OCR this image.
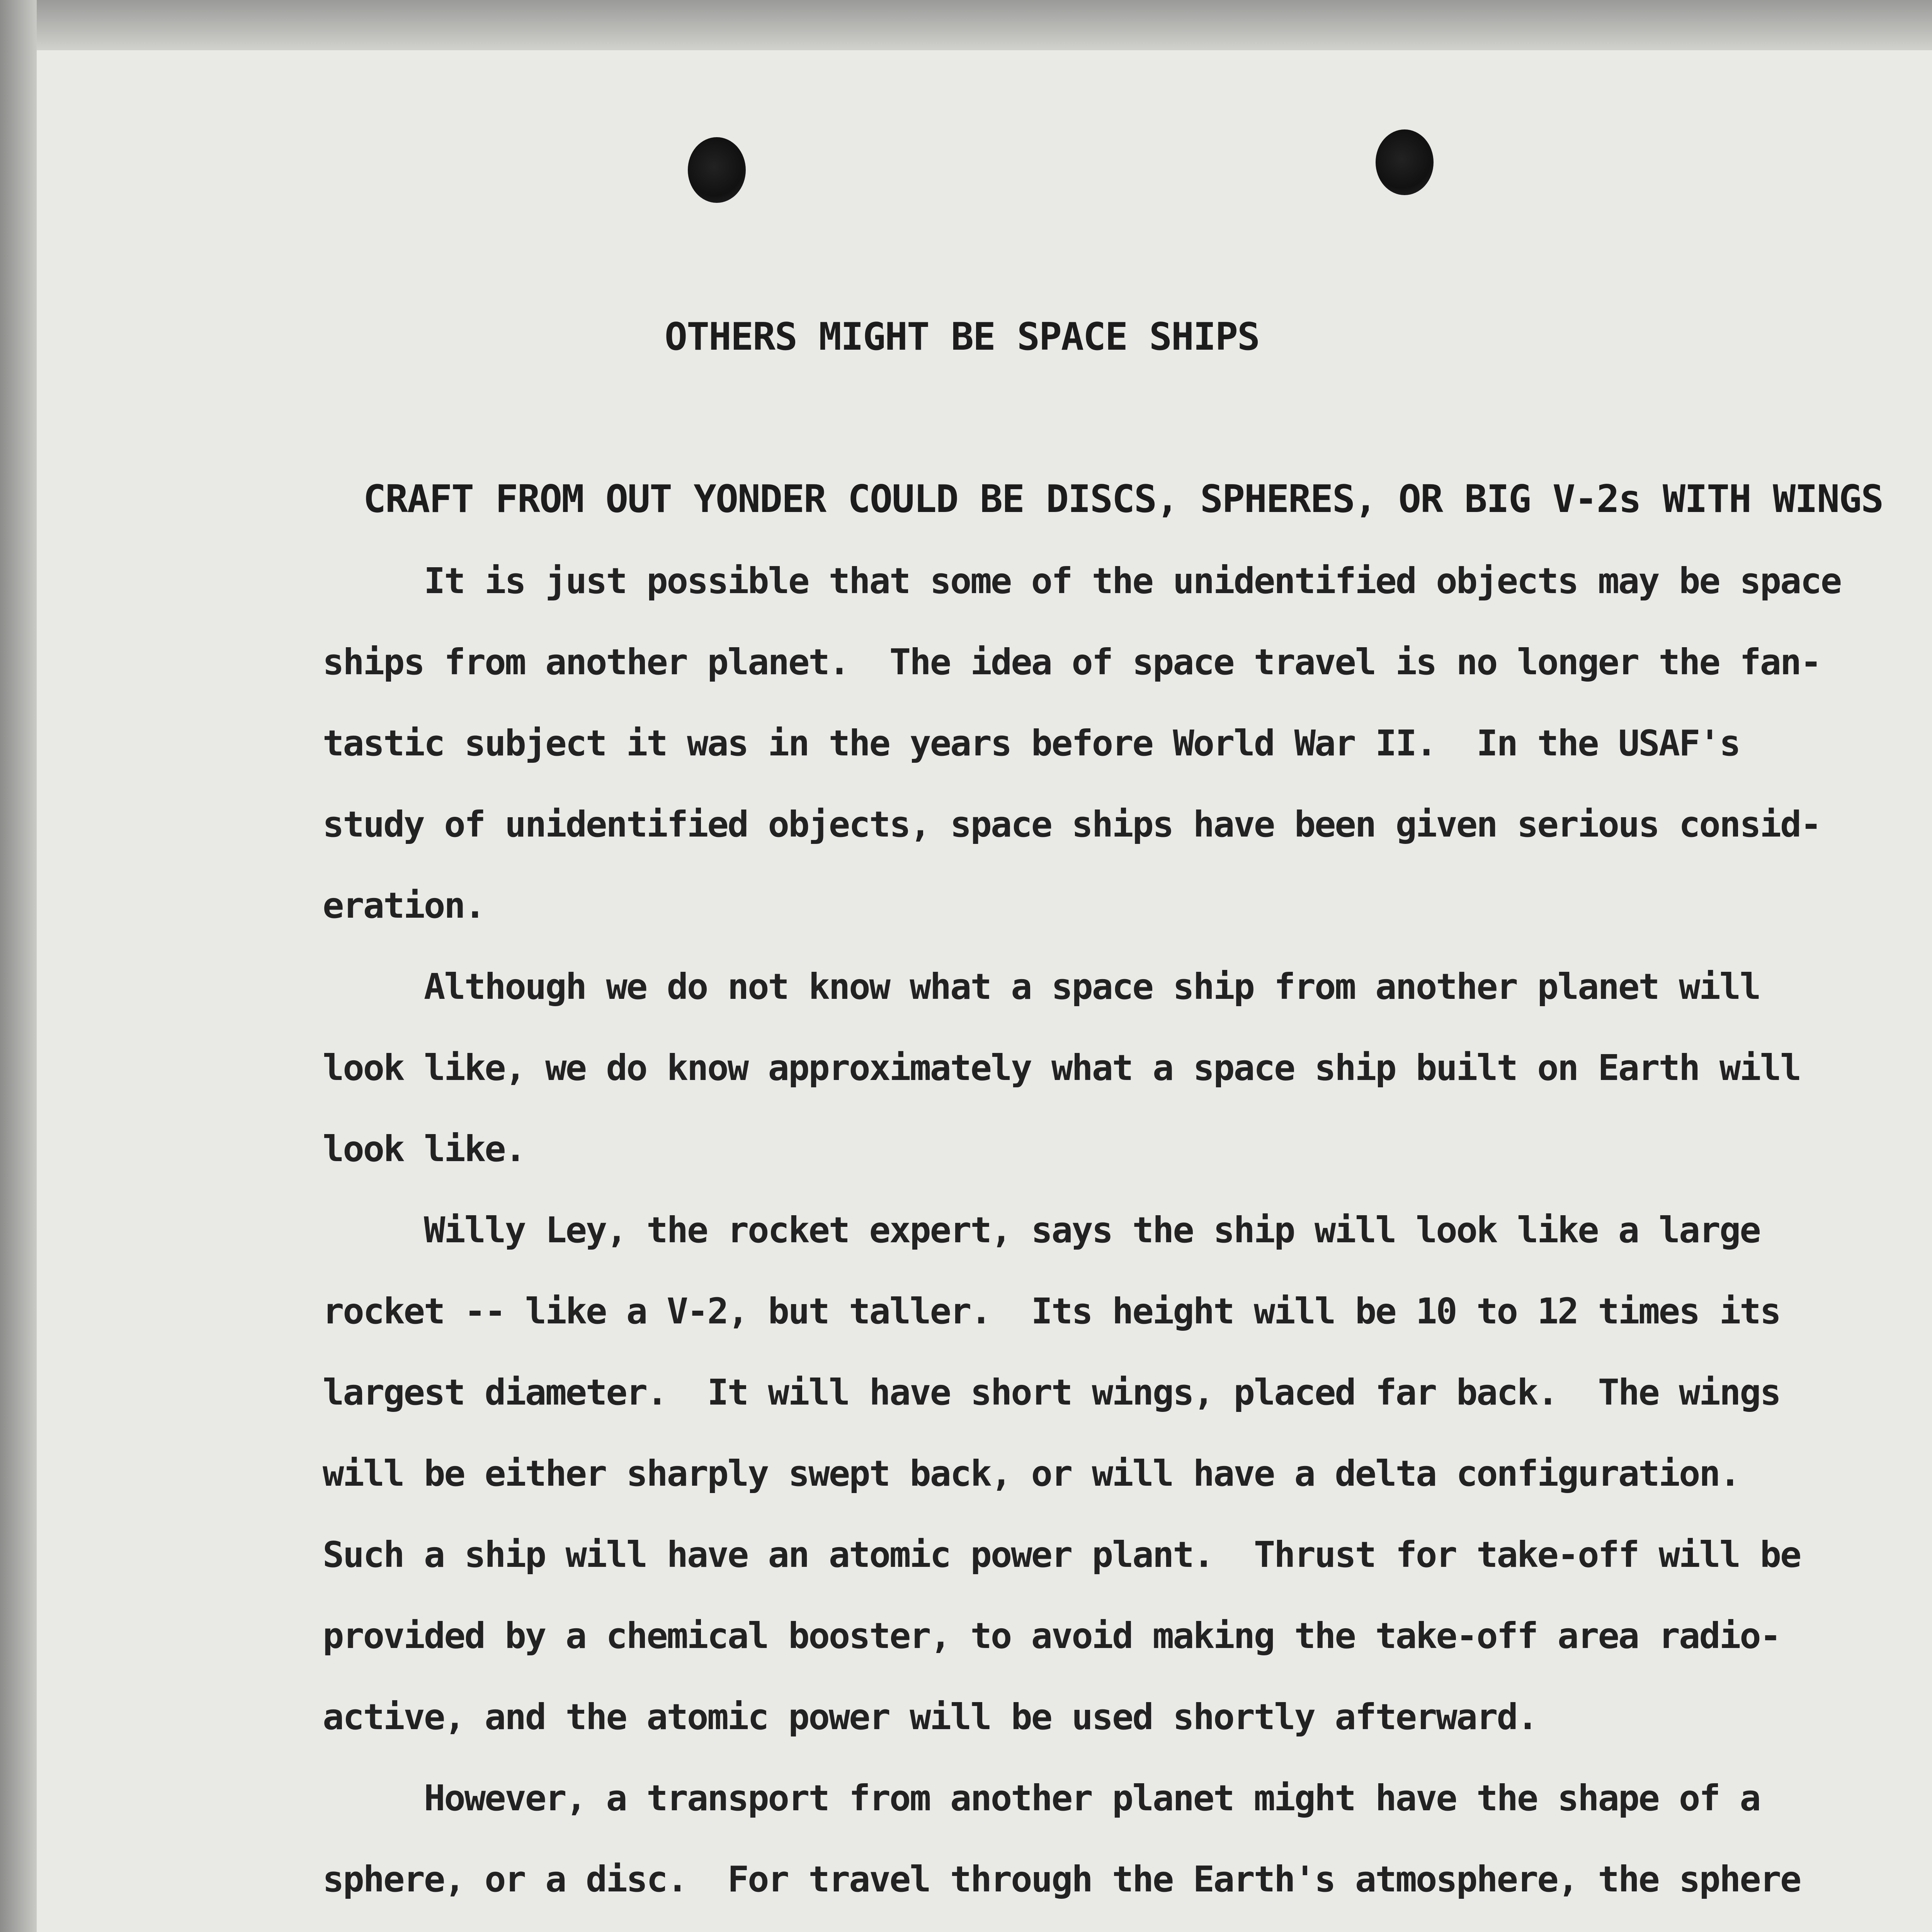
OTHERS MIGHT BE SPACE SHIPS
CRAFT FROM OUT YONDER COULD BE DISCS, SPHERES, OR BIG V-2s WITH WINGS
It is just possible that some of the unidentified objects may be space
ships from another planet.  The idea of space travel is no longer the fan-
tastic subject it was in the years before World War II.  In the USAF's
study of unidentified objects, space ships have been given serious consid-
eration.
Although we do not know what a space ship from another planet will
look like, we do know approximately what a space ship built on Earth will
look like.
Willy Ley, the rocket expert, says the ship will look like a large
rocket -- like a V-2, but taller.  Its height will be 10 to 12 times its
largest diameter.  It will have short wings, placed far back.  The wings
will be either sharply swept back, or will have a delta configuration.
Such a ship will have an atomic power plant.  Thrust for take-off will be
provided by a chemical booster, to avoid making the take-off area radio-
active, and the atomic power will be used shortly afterward.
However, a transport from another planet might have the shape of a
sphere, or a disc.  For travel through the Earth's atmosphere, the sphere
